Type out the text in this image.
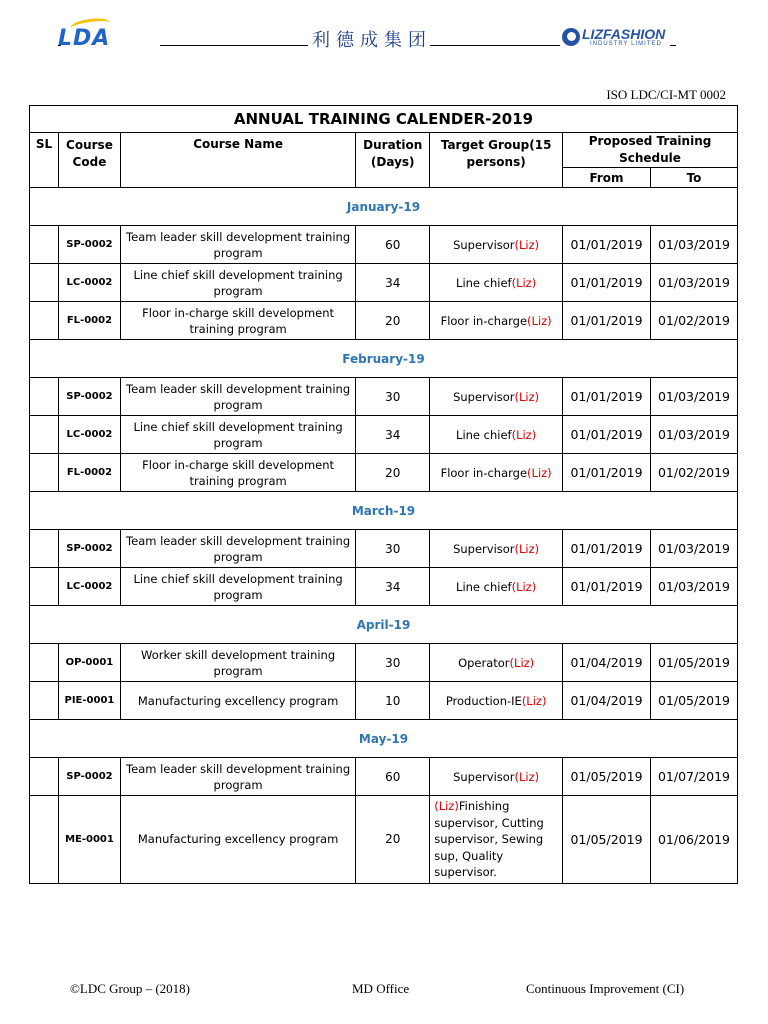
LDA	利德成集团	LIZFASHION
INDUSTRY LIMITED
ISO LDC/CI-MT 0002
ANNUAL TRAINING CALENDER-2019						
SL	Course Code	Course Name	Duration (Days)	Target Group(15 persons)	Proposed Training Schedule	
					From	To
January-19						
	SP-0002	Team leader skill development training program	60	Supervisor(Liz)	01/01/2019	01/03/2019
	LC-0002	Line chief skill development training program	34	Line chief(Liz)	01/01/2019	01/03/2019
	FL-0002	Floor in-charge skill development training program	20	Floor in-charge(Liz)	01/01/2019	01/02/2019
February-19						
	SP-0002	Team leader skill development training program	30	Supervisor(Liz)	01/01/2019	01/03/2019
	LC-0002	Line chief skill development training program	34	Line chief(Liz)	01/01/2019	01/03/2019
	FL-0002	Floor in-charge skill development training program	20	Floor in-charge(Liz)	01/01/2019	01/02/2019
March-19						
	SP-0002	Team leader skill development training program	30	Supervisor(Liz)	01/01/2019	01/03/2019
	LC-0002	Line chief skill development training program	34	Line chief(Liz)	01/01/2019	01/03/2019
April-19						
	OP-0001	Worker skill development training program	30	Operator(Liz)	01/04/2019	01/05/2019
	PIE-0001	Manufacturing excellency program	10	Production-IE(Liz)	01/04/2019	01/05/2019
May-19						
	SP-0002	Team leader skill development training program	60	Supervisor(Liz)	01/05/2019	01/07/2019
	ME-0001	Manufacturing excellency program	20	(Liz)Finishing supervisor, Cutting supervisor, Sewing sup, Quality supervisor.	01/05/2019	01/06/2019
©LDC Group – (2018)	MD Office	Continuous Improvement (CI)
